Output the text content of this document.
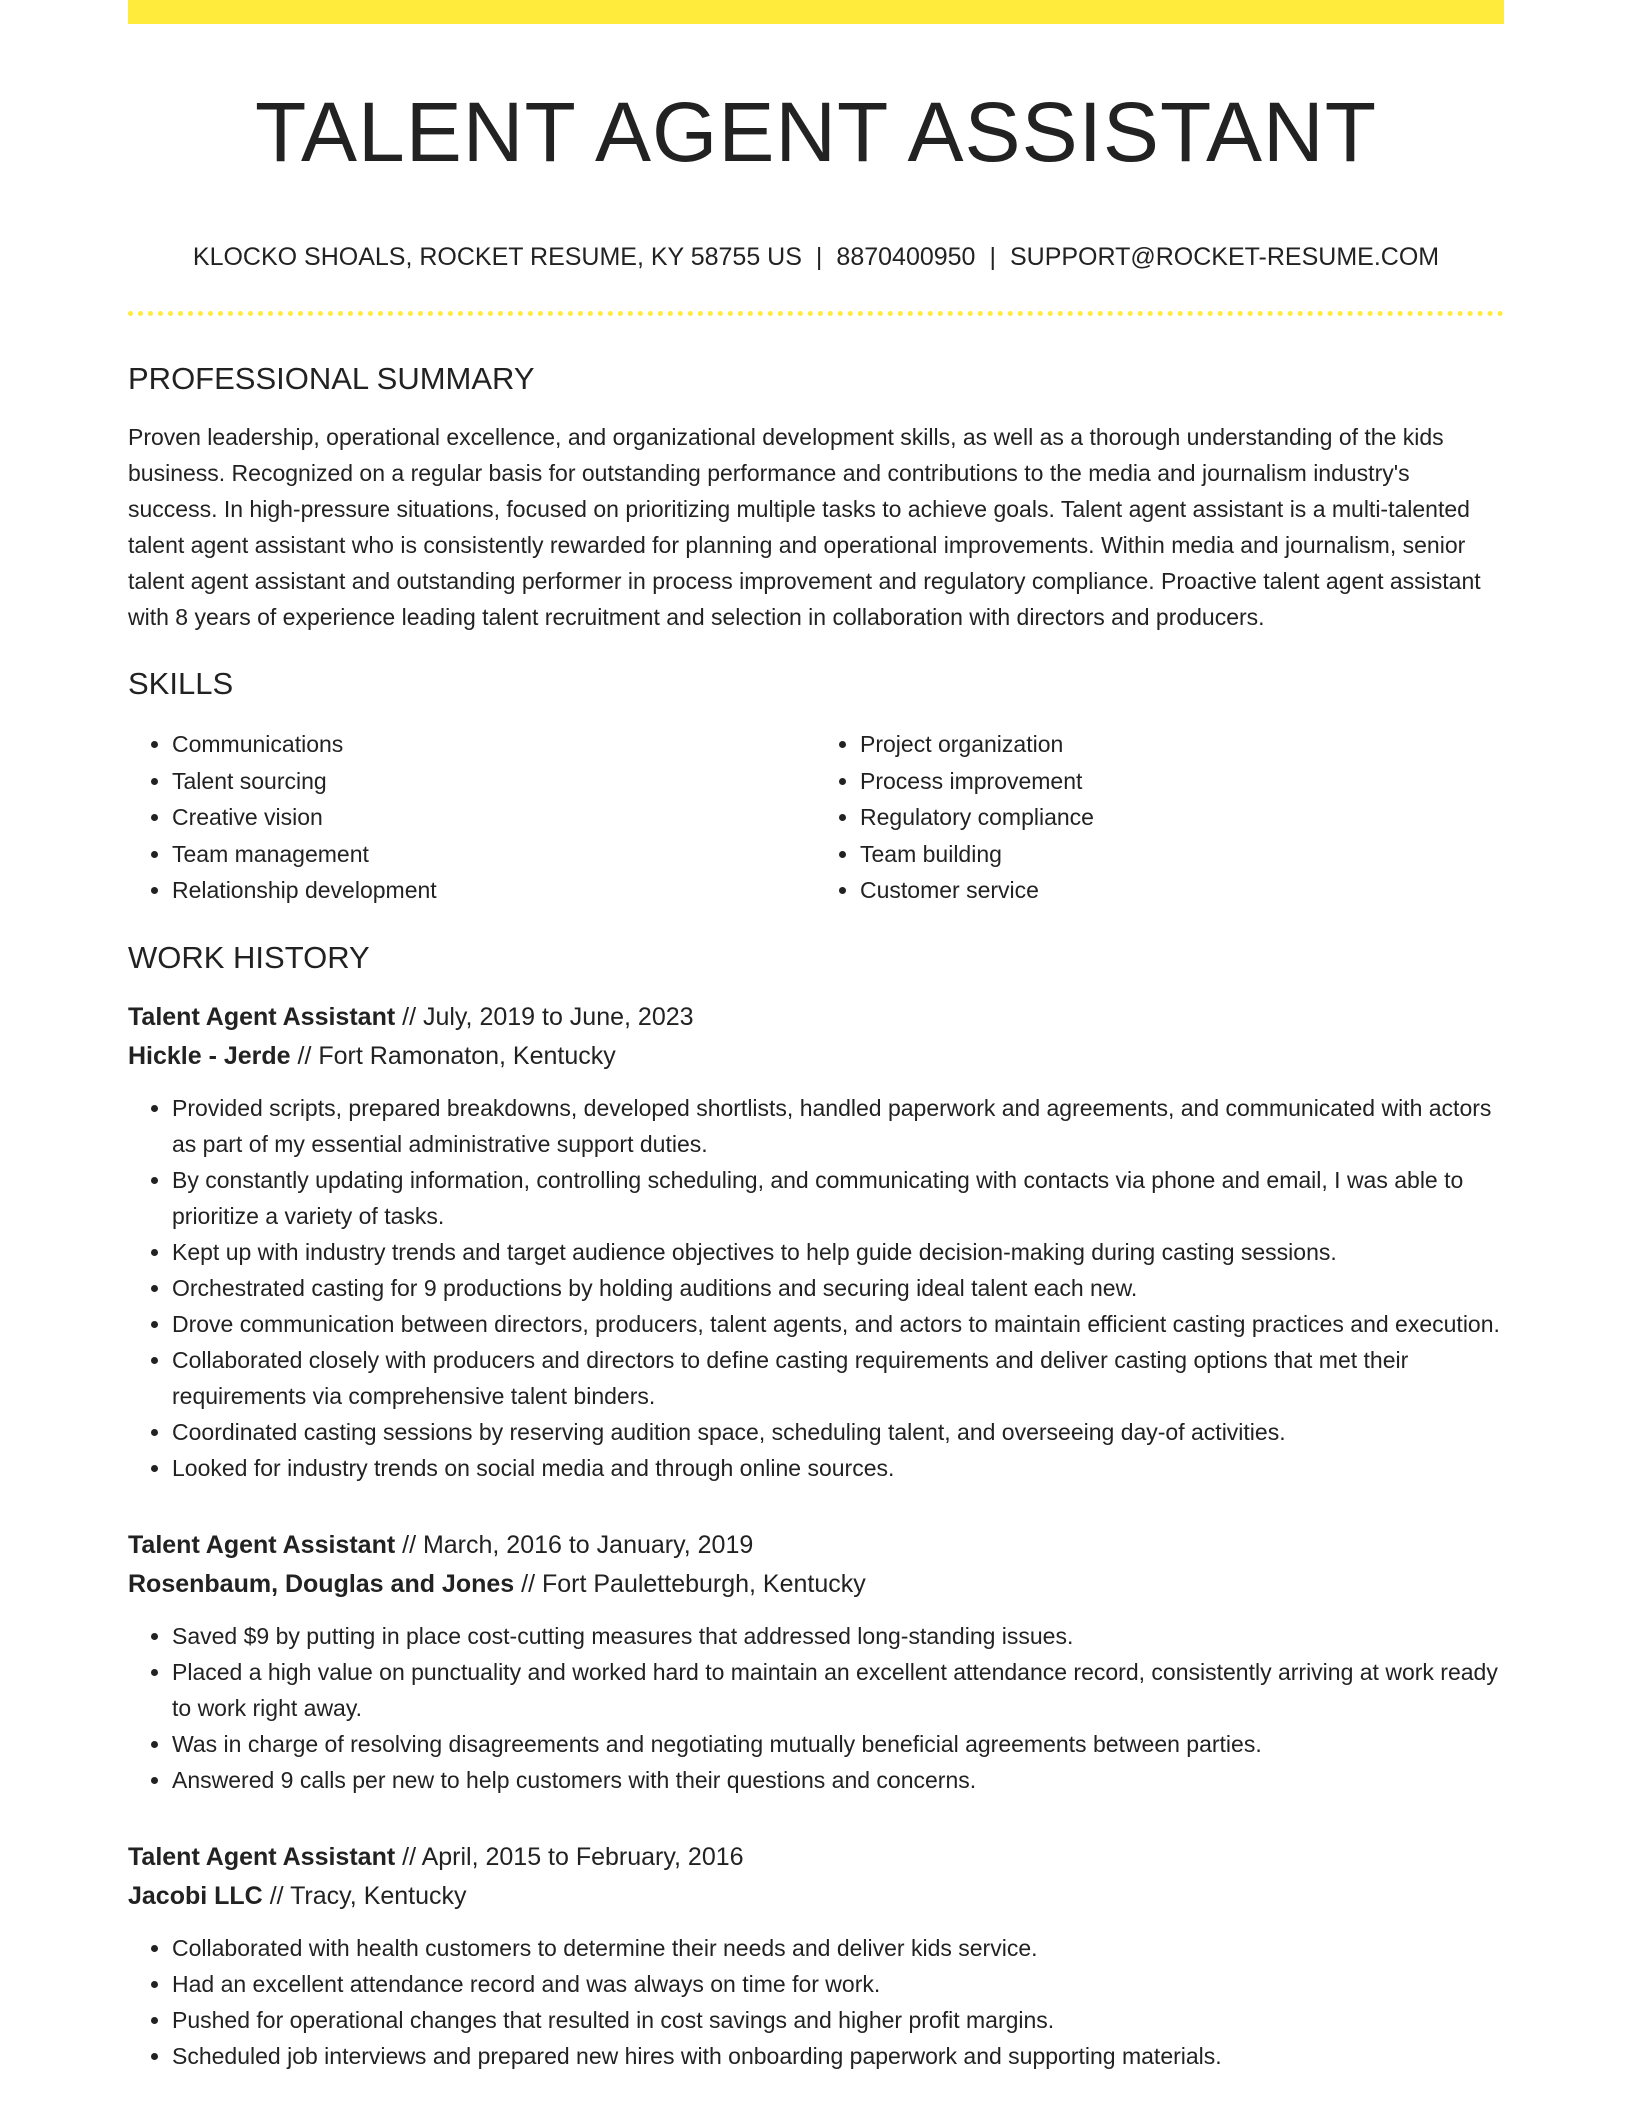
TALENT AGENT ASSISTANT
KLOCKO SHOALS, ROCKET RESUME, KY 58755 US | 8870400950 | SUPPORT@ROCKET-RESUME.COM
PROFESSIONAL SUMMARY
Proven leadership, operational excellence, and organizational development skills, as well as a thorough understanding of the kids business. Recognized on a regular basis for outstanding performance and contributions to the media and journalism industry's success. In high-pressure situations, focused on prioritizing multiple tasks to achieve goals. Talent agent assistant is a multi-talented talent agent assistant who is consistently rewarded for planning and operational improvements. Within media and journalism, senior talent agent assistant and outstanding performer in process improvement and regulatory compliance. Proactive talent agent assistant with 8 years of experience leading talent recruitment and selection in collaboration with directors and producers.
SKILLS
• Communications
• Talent sourcing
• Creative vision
• Team management
• Relationship development
• Project organization
• Process improvement
• Regulatory compliance
• Team building
• Customer service
WORK HISTORY
Talent Agent Assistant // July, 2019 to June, 2023
Hickle - Jerde // Fort Ramonaton, Kentucky
• Provided scripts, prepared breakdowns, developed shortlists, handled paperwork and agreements, and communicated with actors as part of my essential administrative support duties.
• By constantly updating information, controlling scheduling, and communicating with contacts via phone and email, I was able to prioritize a variety of tasks.
• Kept up with industry trends and target audience objectives to help guide decision-making during casting sessions.
• Orchestrated casting for 9 productions by holding auditions and securing ideal talent each new.
• Drove communication between directors, producers, talent agents, and actors to maintain efficient casting practices and execution.
• Collaborated closely with producers and directors to define casting requirements and deliver casting options that met their requirements via comprehensive talent binders.
• Coordinated casting sessions by reserving audition space, scheduling talent, and overseeing day-of activities.
• Looked for industry trends on social media and through online sources.
Talent Agent Assistant // March, 2016 to January, 2019
Rosenbaum, Douglas and Jones // Fort Pauletteburgh, Kentucky
• Saved $9 by putting in place cost-cutting measures that addressed long-standing issues.
• Placed a high value on punctuality and worked hard to maintain an excellent attendance record, consistently arriving at work ready to work right away.
• Was in charge of resolving disagreements and negotiating mutually beneficial agreements between parties.
• Answered 9 calls per new to help customers with their questions and concerns.
Talent Agent Assistant // April, 2015 to February, 2016
Jacobi LLC // Tracy, Kentucky
• Collaborated with health customers to determine their needs and deliver kids service.
• Had an excellent attendance record and was always on time for work.
• Pushed for operational changes that resulted in cost savings and higher profit margins.
• Scheduled job interviews and prepared new hires with onboarding paperwork and supporting materials.
